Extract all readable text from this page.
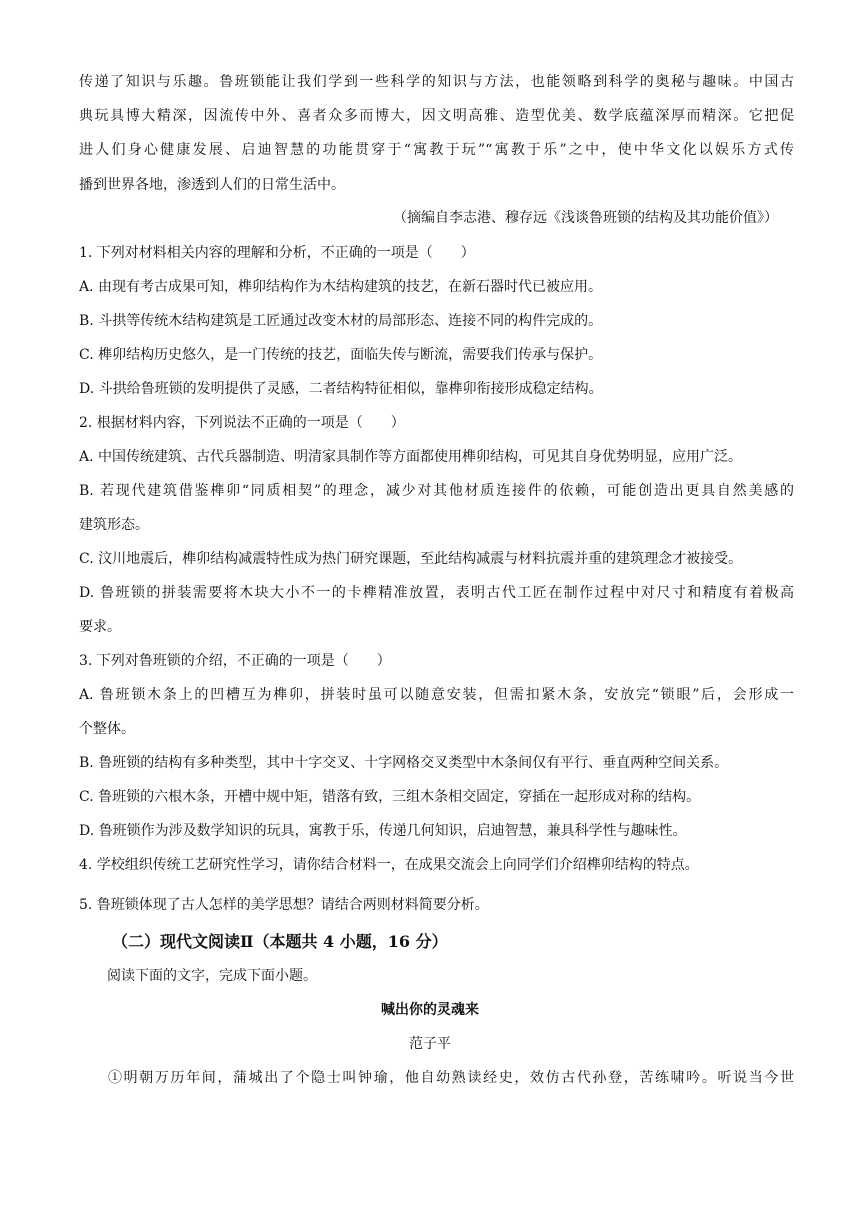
传递了知识与乐趣。鲁班锁能让我们学到一些科学的知识与方法，也能领略到科学的奥秘与趣味。中国古
典玩具博大精深，因流传中外、喜者众多而博大，因文明高雅、造型优美、数学底蕴深厚而精深。它把促
进人们身心健康发展、启迪智慧的功能贯穿于“寓教于玩”“寓教于乐”之中，使中华文化以娱乐方式传
播到世界各地，渗透到人们的日常生活中。
（摘编自李志港、穆存远《浅谈鲁班锁的结构及其功能价值》）
1. 下列对材料相关内容的理解和分析，不正确的一项是（　　）
A. 由现有考古成果可知，榫卯结构作为木结构建筑的技艺，在新石器时代已被应用。
B. 斗拱等传统木结构建筑是工匠通过改变木材的局部形态、连接不同的构件完成的。
C. 榫卯结构历史悠久，是一门传统的技艺，面临失传与断流，需要我们传承与保护。
D. 斗拱给鲁班锁的发明提供了灵感，二者结构特征相似，靠榫卯衔接形成稳定结构。
2. 根据材料内容，下列说法不正确的一项是（　　）
A. 中国传统建筑、古代兵器制造、明清家具制作等方面都使用榫卯结构，可见其自身优势明显，应用广泛。
B. 若现代建筑借鉴榫卯“同质相契”的理念，减少对其他材质连接件的依赖，可能创造出更具自然美感的
建筑形态。
C. 汶川地震后，榫卯结构减震特性成为热门研究课题，至此结构减震与材料抗震并重的建筑理念才被接受。
D. 鲁班锁的拼装需要将木块大小不一的卡榫精准放置，表明古代工匠在制作过程中对尺寸和精度有着极高
要求。
3. 下列对鲁班锁的介绍，不正确的一项是（　　）
A. 鲁班锁木条上的凹槽互为榫卯，拼装时虽可以随意安装，但需扣紧木条，安放完“锁眼”后，会形成一
个整体。
B. 鲁班锁的结构有多种类型，其中十字交叉、十字网格交叉类型中木条间仅有平行、垂直两种空间关系。
C. 鲁班锁的六根木条，开槽中规中矩，错落有致，三组木条相交固定，穿插在一起形成对称的结构。
D. 鲁班锁作为涉及数学知识的玩具，寓教于乐，传递几何知识，启迪智慧，兼具科学性与趣味性。
4. 学校组织传统工艺研究性学习，请你结合材料一，在成果交流会上向同学们介绍榫卯结构的特点。
5. 鲁班锁体现了古人怎样的美学思想？请结合两则材料简要分析。
（二）现代文阅读Ⅱ（本题共 4 小题，16 分）
阅读下面的文字，完成下面小题。
喊出你的灵魂来
范子平
①明朝万历年间，蒲城出了个隐士叫钟瑜，他自幼熟读经史，效仿古代孙登，苦练啸吟。听说当今世
